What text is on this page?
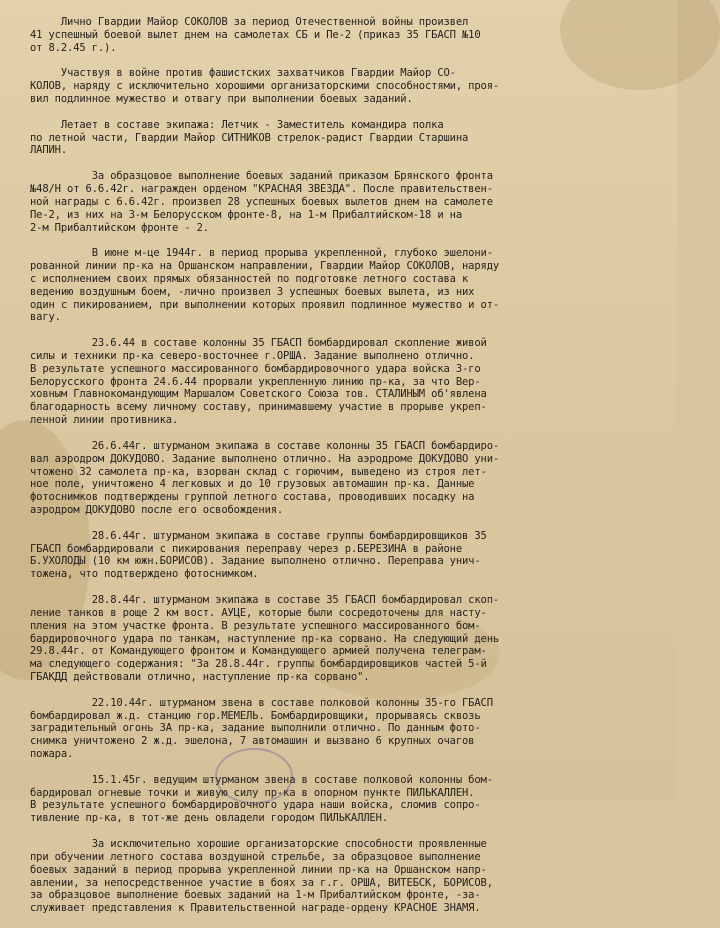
Лично Гвардии Майор СОКОЛОВ за период Отечественной войны произвел
41 успешный боевой вылет днем на самолетах СБ и Пе-2 (приказ 35 ГБАСП №10
от 8.2.45 г.).
Участвуя в войне против фашистских захватчиков Гвардии Майор СО-
КОЛОВ, наряду с исключительно хорошими организаторскими способностями, проя-
вил подлинное мужество и отвагу при выполнении боевых заданий.
Летает в составе экипажа: Летчик - Заместитель командира полка
по летной части, Гвардии Майор СИТНИКОВ стрелок-радист Гвардии Старшина
ЛАПИН.
За образцовое выполнение боевых заданий приказом Брянского фронта
№48/Н от 6.6.42г. награжден орденом "КРАСНАЯ ЗВЕЗДА". После правительствен-
ной награды с 6.6.42г. произвел 28 успешных боевых вылетов днем на самолете
Пе-2, из них на 3-м Белорусском фронте-8, на 1-м Прибалтийском-18 и на
2-м Прибалтийском фронте - 2.
В июне м-це 1944г. в период прорыва укрепленной, глубоко эшелони-
рованной линии пр-ка на Оршанском направлении, Гвардии Майор СОКОЛОВ, наряду
с исполнением своих прямых обязанностей по подготовке летного состава к
ведению воздушным боем, -лично произвел 3 успешных боевых вылета, из них
один с пикированием, при выполнении которых проявил подлинное мужество и от-
вагу.
23.6.44 в составе колонны 35 ГБАСП бомбардировал скопление живой
силы и техники пр-ка северо-восточнее г.ОРША. Задание выполнено отлично.
В результате успешного массированного бомбардировочного удара войска 3-го
Белорусского фронта 24.6.44 прорвали укрепленную линию пр-ка, за что Вер-
ховным Главнокомандующим Маршалом Советского Союза тов. СТАЛИНЫМ об'явлена
благодарность всему личному составу, принимавшему участие в прорыве укреп-
ленной линии противника.
26.6.44г. штурманом экипажа в составе колонны 35 ГБАСП бомбардиро-
вал аэродром ДОКУДОВО. Задание выполнено отлично. На аэродроме ДОКУДОВО уни-
чтожено 32 самолета пр-ка, взорван склад с горючим, выведено из строя лет-
ное поле, уничтожено 4 легковых и до 10 грузовых автомашин пр-ка. Данные
фотоснимков подтверждены группой летного состава, проводивших посадку на
аэродром ДОКУДОВО после его освобождения.
28.6.44г. штурманом экипажа в составе группы бомбардировщиков 35
ГБАСП бомбардировали с пикирования переправу через р.БЕРЕЗИНА в районе
Б.УХОЛОДЫ (10 км южн.БОРИСОВ). Задание выполнено отлично. Переправа унич-
тожена, что подтверждено фотоснимком.
28.8.44г. штурманом экипажа в составе 35 ГБАСП бомбардировал скоп-
ление танков в роще 2 км вост. АУЦЕ, которые были сосредоточены для насту-
пления на этом участке фронта. В результате успешного массированного бом-
бардировочного удара по танкам, наступление пр-ка сорвано. На следующий день
29.8.44г. от Командующего фронтом и Командующего армией получена телеграм-
ма следующего содержания: "За 28.8.44г. группы бомбардировщиков частей 5-й
ГБАКДД действовали отлично, наступление пр-ка сорвано".
22.10.44г. штурманом звена в составе полковой колонны 35-го ГБАСП
бомбардировал ж.д. станцию гор.МЕМЕЛЬ. Бомбардировщики, прорываясь сквозь
заградительный огонь ЗА пр-ка, задание выполнили отлично. По данным фото-
снимка уничтожено 2 ж.д. эшелона, 7 автомашин и вызвано 6 крупных очагов
пожара.
15.1.45г. ведущим штурманом звена в составе полковой колонны бом-
бардировал огневые точки и живую силу пр-ка в опорном пункте ПИЛЬКАЛЛЕН.
В результате успешного бомбардировочного удара наши войска, сломив сопро-
тивление пр-ка, в тот-же день овладели городом ПИЛЬКАЛЛЕН.
За исключительно хорошие организаторские способности проявленные
при обучении летного состава воздушной стрельбе, за образцовое выполнение
боевых заданий в период прорыва укрепленной линии пр-ка на Оршанском напр-
авлении, за непосредственное участие в боях за г.г. ОРША, ВИТЕБСК, БОРИСОВ,
за образцовое выполнение боевых заданий на 1-м Прибалтийском фронте, -за-
служивает представления к Правительственной награде-ордену КРАСНОЕ ЗНАМЯ.
